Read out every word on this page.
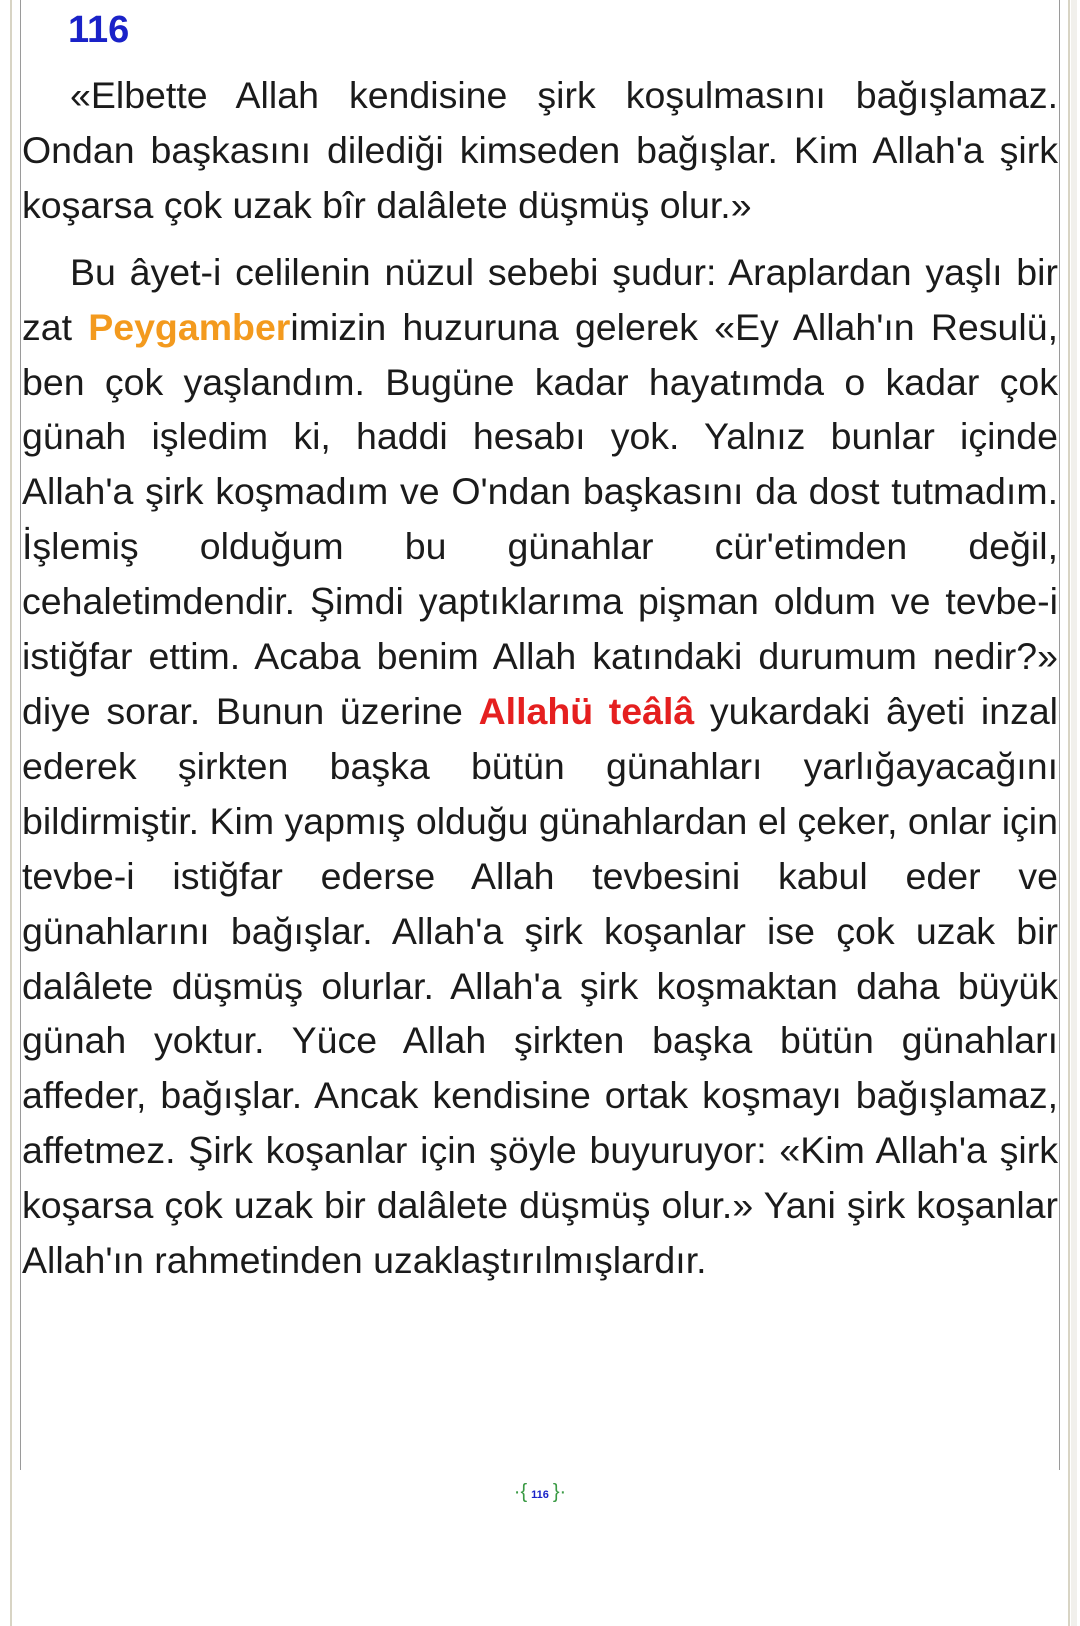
116

«Elbette Allah kendisine şirk koşulmasını bağışlamaz. Ondan başkasını dilediği kimseden bağışlar. Kim Allah'a şirk koşarsa çok uzak bîr dalâlete düşmüş olur.»

Bu âyet-i celilenin nüzul sebebi şudur: Araplardan yaşlı bir zat Peygamberimizin huzuruna gelerek «Ey Allah'ın Resulü, ben çok yaşlandım. Bugüne kadar hayatımda o kadar çok günah işledim ki, haddi hesabı yok. Yalnız bunlar içinde Allah'a şirk koşmadım ve O'ndan başkasını da dost tutmadım. İşlemiş olduğum bu günahlar cür'etimden değil, cehaletimdendir. Şimdi yaptıklarıma pişman oldum ve tevbe-i istiğfar ettim. Acaba benim Allah katındaki durumum nedir?» diye sorar. Bunun üzerine Allahü teâlâ yukardaki âyeti inzal ederek şirkten başka bütün günahları yarlığayacağını bildirmiştir. Kim yapmış olduğu günahlardan el çeker, onlar için tevbe-i istiğfar ederse Allah tevbesini kabul eder ve günahlarını bağışlar. Allah'a şirk koşanlar ise çok uzak bir dalâlete düşmüş olurlar. Allah'a şirk koşmaktan daha büyük günah yoktur. Yüce Allah şirkten başka bütün günahları affeder, bağışlar. Ancak kendisine ortak koşmayı bağışlamaz, affetmez. Şirk koşanlar için şöyle buyuruyor: «Kim Allah'a şirk koşarsa çok uzak bir dalâlete düşmüş olur.» Yani şirk koşanlar Allah'ın rahmetinden uzaklaştırılmışlardır.

·{ 116 }·
